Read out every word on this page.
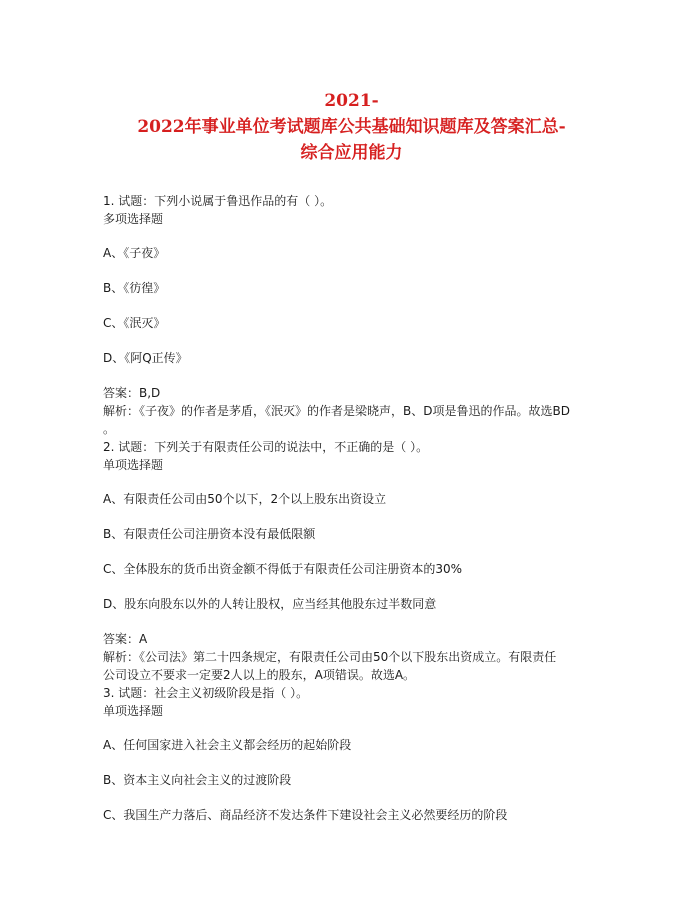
2021-
2022年事业单位考试题库公共基础知识题库及答案汇总-
综合应用能力
1. 试题：下列小说属于鲁迅作品的有（ ）。
多项选择题
A、《子夜》
B、《彷徨》
C、《泯灭》
D、《阿Q正传》
答案：B,D
解析：《子夜》的作者是茅盾，《泯灭》的作者是梁晓声，B、D项是鲁迅的作品。故选BD
。
2. 试题：下列关于有限责任公司的说法中，不正确的是（ ）。
单项选择题
A、有限责任公司由50个以下，2个以上股东出资设立
B、有限责任公司注册资本没有最低限额
C、全体股东的货币出资金额不得低于有限责任公司注册资本的30%
D、股东向股东以外的人转让股权，应当经其他股东过半数同意
答案：A
解析：《公司法》第二十四条规定，有限责任公司由50个以下股东出资成立。有限责任
公司设立不要求一定要2人以上的股东，A项错误。故选A。
3. 试题：社会主义初级阶段是指（ ）。
单项选择题
A、任何国家进入社会主义都会经历的起始阶段
B、资本主义向社会主义的过渡阶段
C、我国生产力落后、商品经济不发达条件下建设社会主义必然要经历的阶段
